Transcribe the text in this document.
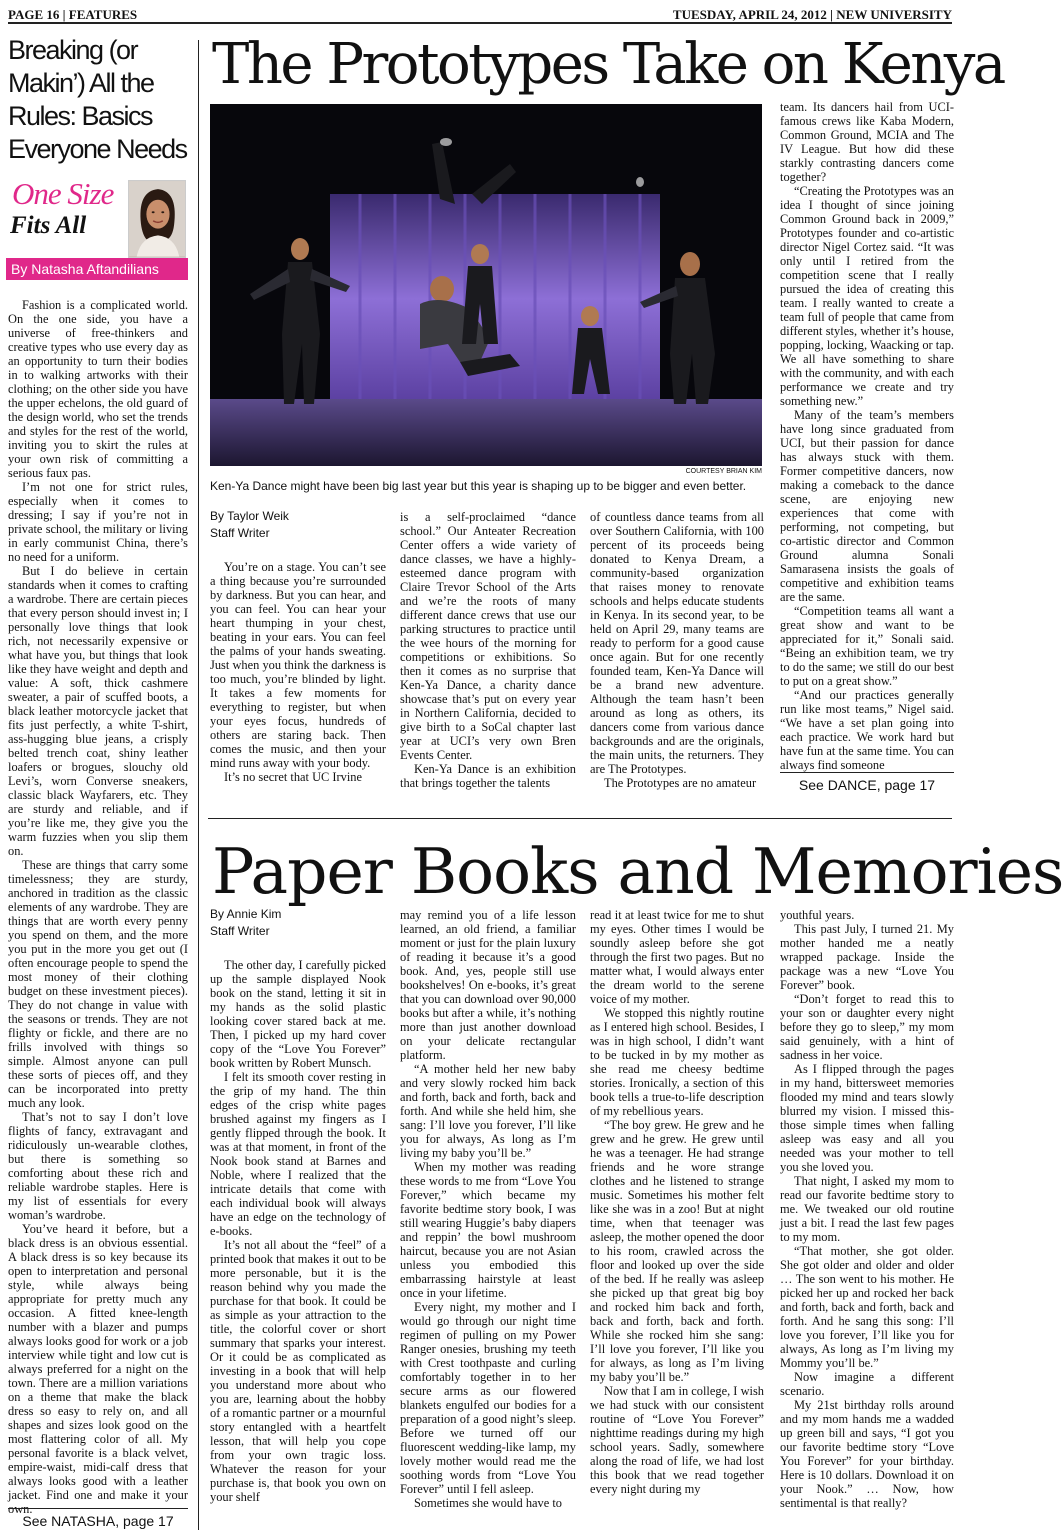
PAGE 16 | FEATURES	TUESDAY, APRIL 24, 2012 | NEW UNIVERSITY
Breaking (or Makin’) All the Rules: Basics Everyone Needs
One Size
Fits All
By Natasha Aftandilians

Fashion is a complicated world. On the one side, you have a universe of free-thinkers and creative types who use every day as an opportunity to turn their bodies in to walking artworks with their clothing; on the other side you have the upper echelons, the old guard of the design world, who set the trends and styles for the rest of the world, inviting you to skirt the rules at your own risk of committing a serious faux pas.

I’m not one for strict rules, especially when it comes to dressing; I say if you’re not in private school, the military or living in early communist China, there’s no need for a uniform.

But I do believe in certain standards when it comes to crafting a wardrobe. There are certain pieces that every person should invest in; I personally love things that look rich, not necessarily expensive or what have you, but things that look like they have weight and depth and value: A soft, thick cashmere sweater, a pair of scuffed boots, a black leather motorcycle jacket that fits just perfectly, a white T-shirt, ass-hugging blue jeans, a crisply belted trench coat, shiny leather loafers or brogues, slouchy old Levi’s, worn Converse sneakers, classic black Wayfarers, etc. They are sturdy and reliable, and if you’re like me, they give you the warm fuzzies when you slip them on.

These are things that carry some timelessness; they are sturdy, anchored in tradition as the classic elements of any wardrobe. They are things that are worth every penny you spend on them, and the more you put in the more you get out (I often encourage people to spend the most money of their clothing budget on these investment pieces). They do not change in value with the seasons or trends. They are not flighty or fickle, and there are no frills involved with things so simple. Almost anyone can pull these sorts of pieces off, and they can be incorporated into pretty much any look.

That’s not to say I don’t love flights of fancy, extravagant and ridiculously un-wearable clothes, but there is something so comforting about these rich and reliable wardrobe staples. Here is my list of essentials for every woman’s wardrobe.

You’ve heard it before, but a black dress is an obvious essential. A black dress is so key because its open to interpretation and personal style, while always being appropriate for pretty much any occasion. A fitted knee-length number with a blazer and pumps always looks good for work or a job interview while tight and low cut is always preferred for a night on the town. There are a million variations on a theme that make the black dress so easy to rely on, and all shapes and sizes look good on the most flattering color of all. My personal favorite is a black velvet, empire-waist, midi-calf dress that always looks good with a leather jacket. Find one and make it your own.

See NATASHA, page 17
The Prototypes Take on Kenya
COURTESY BRIAN KIM
Ken-Ya Dance might have been big last year but this year is shaping up to be bigger and even better.
By Taylor Weik
Staff Writer

You’re on a stage. You can’t see a thing because you’re surrounded by darkness. But you can hear, and you can feel. You can hear your heart thumping in your chest, beating in your ears. You can feel the palms of your hands sweating. Just when you think the darkness is too much, you’re blinded by light. It takes a few moments for everything to register, but when your eyes focus, hundreds of others are staring back. Then comes the music, and then your mind runs away with your body.

It’s no secret that UC Irvine

is a self-proclaimed “dance school.” Our Anteater Recreation Center offers a wide variety of dance classes, we have a highly-esteemed dance program with Claire Trevor School of the Arts and we’re the roots of many different dance crews that use our parking structures to practice until the wee hours of the morning for competitions or exhibitions. So then it comes as no surprise that Ken-Ya Dance, a charity dance showcase that’s put on every year in Northern California, decided to give birth to a SoCal chapter last year at UCI’s very own Bren Events Center.

Ken-Ya Dance is an exhibition that brings together the talents

of countless dance teams from all over Southern California, with 100 percent of its proceeds being donated to Kenya Dream, a community-based organization that raises money to renovate schools and helps educate students in Kenya. In its second year, to be held on April 29, many teams are ready to perform for a good cause once again. But for one recently founded team, Ken-Ya Dance will be a brand new adventure. Although the team hasn’t been around as long as others, its dancers come from various dance backgrounds and are the originals, the main units, the returners. They are The Prototypes.

The Prototypes are no amateur

team. Its dancers hail from UCI-famous crews like Kaba Modern, Common Ground, MCIA and The IV League. But how did these starkly contrasting dancers come together?

“Creating the Prototypes was an idea I thought of since joining Common Ground back in 2009,” Prototypes founder and co-artistic director Nigel Cortez said. “It was only until I retired from the competition scene that I really pursued the idea of creating this team. I really wanted to create a team full of people that came from different styles, whether it’s house, popping, locking, Waacking or tap. We all have something to share with the community, and with each performance we create and try something new.”

Many of the team’s members have long since graduated from UCI, but their passion for dance has always stuck with them. Former competitive dancers, now making a comeback to the dance scene, are enjoying new experiences that come with performing, not competing, but co-artistic director and Common Ground alumna Sonali Samarasena insists the goals of competitive and exhibition teams are the same.

“Competition teams all want a great show and want to be appreciated for it,” Sonali said. “Being an exhibition team, we try to do the same; we still do our best to put on a great show.”

“And our practices generally run like most teams,” Nigel said. “We have a set plan going into each practice. We work hard but have fun at the same time. You can always find someone

See DANCE, page 17
Paper Books and Memories
By Annie Kim
Staff Writer

The other day, I carefully picked up the sample displayed Nook book on the stand, letting it sit in my hands as the solid plastic looking cover stared back at me. Then, I picked up my hard cover copy of the “Love You Forever” book written by Robert Munsch.

I felt its smooth cover resting in the grip of my hand. The thin edges of the crisp white pages brushed against my fingers as I gently flipped through the book. It was at that moment, in front of the Nook book stand at Barnes and Noble, where I realized that the intricate details that come with each individual book will always have an edge on the technology of e-books.

It’s not all about the “feel” of a printed book that makes it out to be more personable, but it is the reason behind why you made the purchase for that book. It could be as simple as your attraction to the title, the colorful cover or short summary that sparks your interest. Or it could be as complicated as investing in a book that will help you understand more about who you are, learning about the hobby of a romantic partner or a mournful story entangled with a heartfelt lesson, that will help you cope from your own tragic loss. Whatever the reason for your purchase is, that book you own on your shelf

may remind you of a life lesson learned, an old friend, a familiar moment or just for the plain luxury of reading it because it’s a good book. And, yes, people still use bookshelves! On e-books, it’s great that you can download over 90,000 books but after a while, it’s nothing more than just another download on your delicate rectangular platform.

“A mother held her new baby and very slowly rocked him back and forth, back and forth, back and forth. And while she held him, she sang: I’ll love you forever, I’ll like you for always, As long as I’m living my baby you’ll be.”

When my mother was reading these words to me from “Love You Forever,” which became my favorite bedtime story book, I was still wearing Huggie’s baby diapers and reppin’ the bowl mushroom haircut, because you are not Asian unless you embodied this embarrassing hairstyle at least once in your lifetime.

Every night, my mother and I would go through our night time regimen of pulling on my Power Ranger onesies, brushing my teeth with Crest toothpaste and curling comfortably together in to her secure arms as our flowered blankets engulfed our bodies for a preparation of a good night’s sleep. Before we turned off our fluorescent wedding-like lamp, my lovely mother would read me the soothing words from “Love You Forever” until I fell asleep.

Sometimes she would have to

read it at least twice for me to shut my eyes. Other times I would be soundly asleep before she got through the first two pages. But no matter what, I would always enter the dream world to the serene voice of my mother.

We stopped this nightly routine as I entered high school. Besides, I was in high school, I didn’t want to be tucked in by my mother as she read me cheesy bedtime stories. Ironically, a section of this book tells a true-to-life description of my rebellious years.

“The boy grew. He grew and he grew and he grew. He grew until he was a teenager. He had strange friends and he wore strange clothes and he listened to strange music. Sometimes his mother felt like she was in a zoo! But at night time, when that teenager was asleep, the mother opened the door to his room, crawled across the floor and looked up over the side of the bed. If he really was asleep she picked up that great big boy and rocked him back and forth, back and forth, back and forth. While she rocked him she sang: I’ll love you forever, I’ll like you for always, as long as I’m living my baby you’ll be.”

Now that I am in college, I wish we had stuck with our consistent routine of “Love You Forever” nighttime readings during my high school years. Sadly, somewhere along the road of life, we had lost this book that we read together every night during my

youthful years.

This past July, I turned 21. My mother handed me a neatly wrapped package. Inside the package was a new “Love You Forever” book.

“Don’t forget to read this to your son or daughter every night before they go to sleep,” my mom said genuinely, with a hint of sadness in her voice.

As I flipped through the pages in my hand, bittersweet memories flooded my mind and tears slowly blurred my vision. I missed this- those simple times when falling asleep was easy and all you needed was your mother to tell you she loved you.

That night, I asked my mom to read our favorite bedtime story to me. We tweaked our old routine just a bit. I read the last few pages to my mom.

“That mother, she got older. She got older and older and older … The son went to his mother. He picked her up and rocked her back and forth, back and forth, back and forth. And he sang this song: I’ll love you forever, I’ll like you for always, As long as I’m living my Mommy you’ll be.”

Now imagine a different scenario.

My 21st birthday rolls around and my mom hands me a wadded up green bill and says, “I got you our favorite bedtime story “Love You Forever” for your birthday. Here is 10 dollars. Download it on your Nook.” … Now, how sentimental is that really?
